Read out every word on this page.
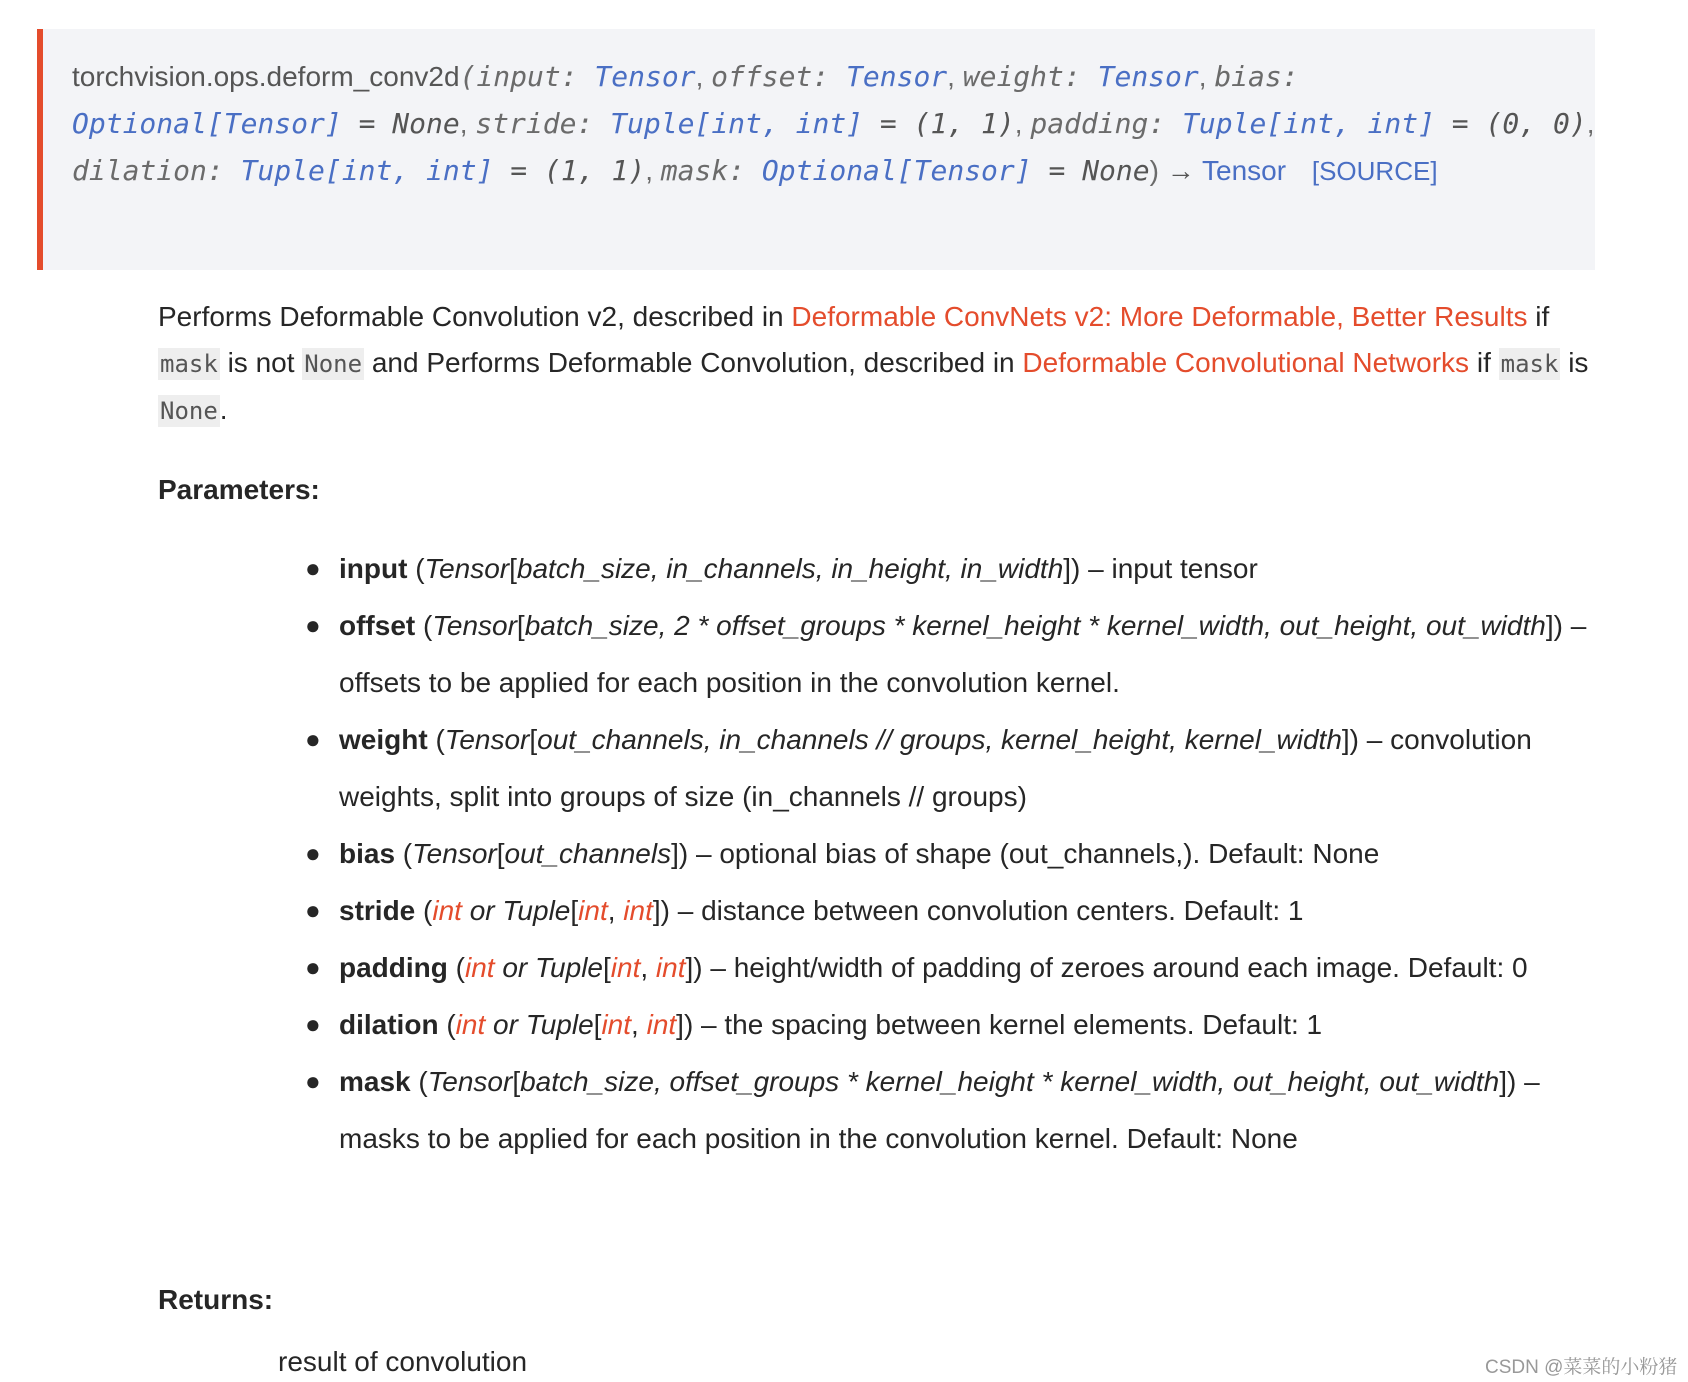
torchvision.ops.deform_conv2d(input: Tensor, offset: Tensor, weight: Tensor, bias:
Optional[Tensor] = None, stride: Tuple[int, int] = (1, 1), padding: Tuple[int, int] = (0, 0),
dilation: Tuple[int, int] = (1, 1), mask: Optional[Tensor] = None) → Tensor [SOURCE]
Performs Deformable Convolution v2, described in Deformable ConvNets v2: More Deformable, Better Results if mask is not None and Performs Deformable Convolution, described in Deformable Convolutional Networks if mask is None.
Parameters:
● input (Tensor[batch_size, in_channels, in_height, in_width]) – input tensor
● offset (Tensor[batch_size, 2 * offset_groups * kernel_height * kernel_width, out_height, out_width]) – offsets to be applied for each position in the convolution kernel.
● weight (Tensor[out_channels, in_channels // groups, kernel_height, kernel_width]) – convolution weights, split into groups of size (in_channels // groups)
● bias (Tensor[out_channels]) – optional bias of shape (out_channels,). Default: None
● stride (int or Tuple[int, int]) – distance between convolution centers. Default: 1
● padding (int or Tuple[int, int]) – height/width of padding of zeroes around each image. Default: 0
● dilation (int or Tuple[int, int]) – the spacing between kernel elements. Default: 1
● mask (Tensor[batch_size, offset_groups * kernel_height * kernel_width, out_height, out_width]) – masks to be applied for each position in the convolution kernel. Default: None
Returns:
result of convolution	CSDN @菜菜的小粉猪
